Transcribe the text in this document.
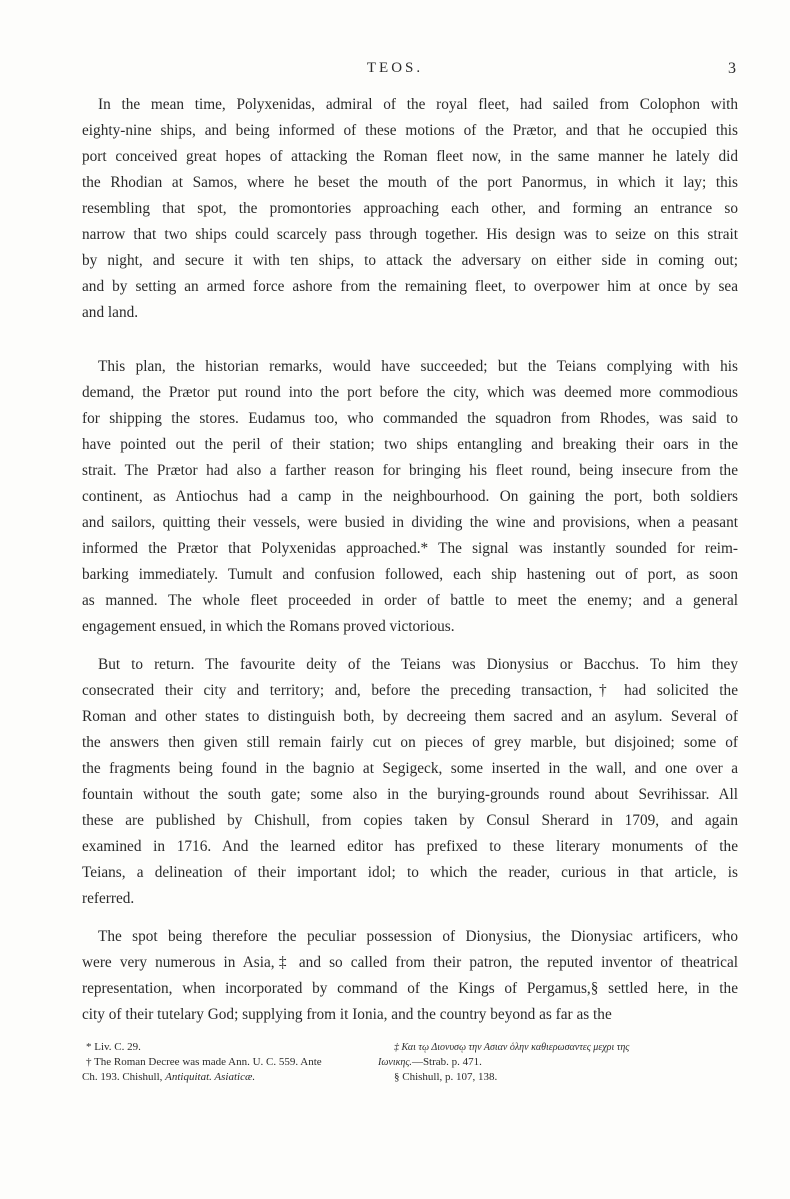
TEOS.	3
In the mean time, Polyxenidas, admiral of the royal fleet, had sailed from Colophon with
eighty-nine ships, and being informed of these motions of the Prætor, and that he occupied this
port conceived great hopes of attacking the Roman fleet now, in the same manner he lately did
the Rhodian at Samos, where he beset the mouth of the port Panormus, in which it lay; this
resembling that spot, the promontories approaching each other, and forming an entrance so
narrow that two ships could scarcely pass through together. His design was to seize on this strait
by night, and secure it with ten ships, to attack the adversary on either side in coming out;
and by setting an armed force ashore from the remaining fleet, to overpower him at once by sea
and land.
This plan, the historian remarks, would have succeeded; but the Teians complying with his
demand, the Prætor put round into the port before the city, which was deemed more commodious
for shipping the stores. Eudamus too, who commanded the squadron from Rhodes, was said to
have pointed out the peril of their station; two ships entangling and breaking their oars in the
strait. The Prætor had also a farther reason for bringing his fleet round, being insecure from the
continent, as Antiochus had a camp in the neighbourhood. On gaining the port, both soldiers
and sailors, quitting their vessels, were busied in dividing the wine and provisions, when a peasant
informed the Prætor that Polyxenidas approached.* The signal was instantly sounded for reim-
barking immediately. Tumult and confusion followed, each ship hastening out of port, as soon
as manned. The whole fleet proceeded in order of battle to meet the enemy; and a general
engagement ensued, in which the Romans proved victorious.
But to return. The favourite deity of the Teians was Dionysius or Bacchus. To him they
consecrated their city and territory; and, before the preceding transaction,† had solicited the
Roman and other states to distinguish both, by decreeing them sacred and an asylum. Several of
the answers then given still remain fairly cut on pieces of grey marble, but disjoined; some of
the fragments being found in the bagnio at Segigeck, some inserted in the wall, and one over a
fountain without the south gate; some also in the burying-grounds round about Sevrihissar. All
these are published by Chishull, from copies taken by Consul Sherard in 1709, and again
examined in 1716. And the learned editor has prefixed to these literary monuments of the
Teians, a delineation of their important idol; to which the reader, curious in that article, is
referred.
The spot being therefore the peculiar possession of Dionysius, the Dionysiac artificers, who
were very numerous in Asia,‡ and so called from their patron, the reputed inventor of theatrical
representation, when incorporated by command of the Kings of Pergamus,§ settled here, in the
city of their tutelary God; supplying from it Ionia, and the country beyond as far as the
* Liv. C. 29.
† The Roman Decree was made Ann. U. C. 559. Ante
Ch. 193. Chishull, Antiquitat. Asiaticæ.
‡ Και τῳ Διονυσῳ την Ασιαν ὁλην καθιερωσαντες μεχρι της
Ιωνικης.—Strab. p. 471.
§ Chishull, p. 107, 138.
